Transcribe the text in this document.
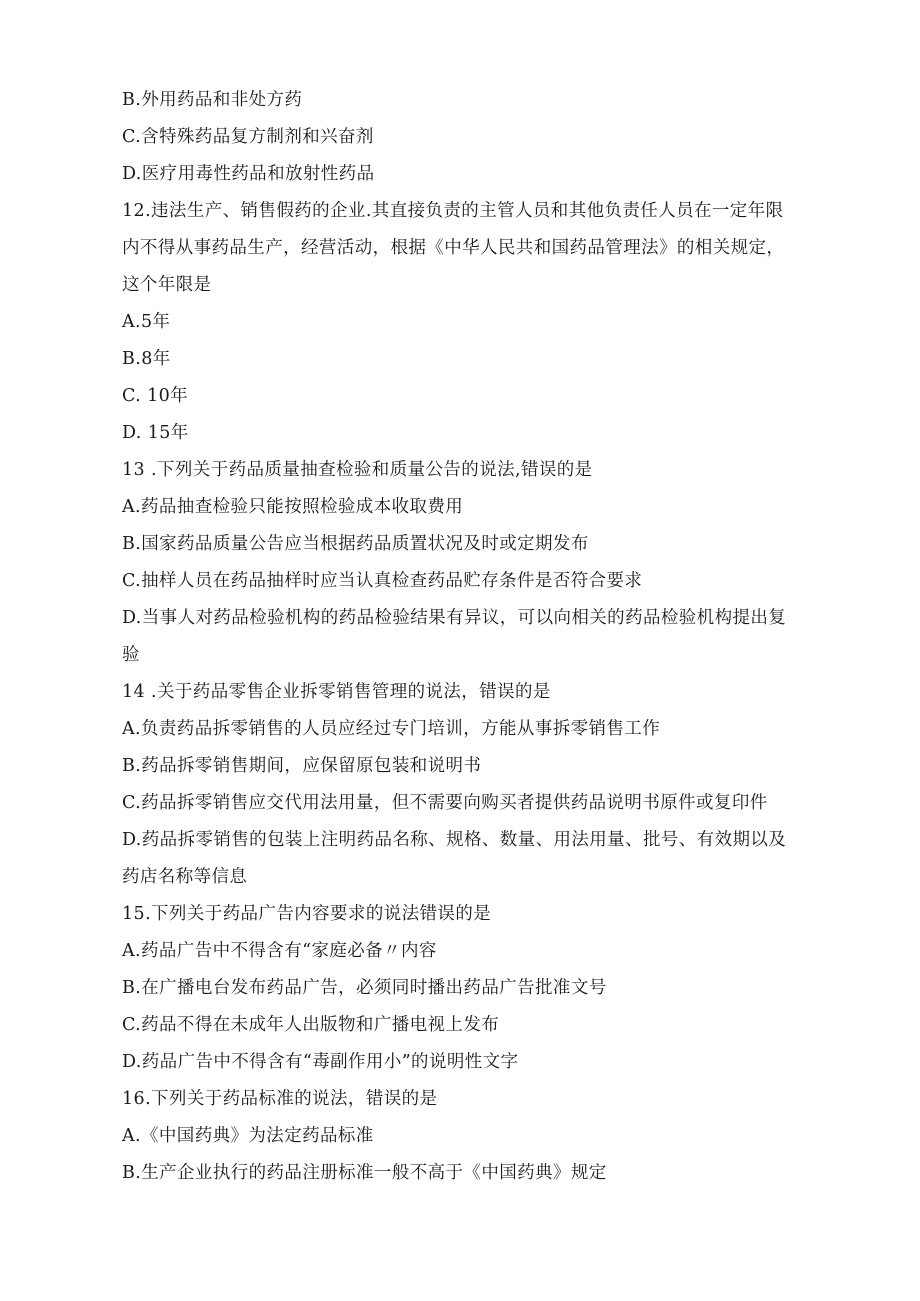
B.外用药品和非处方药
C.含特殊药品复方制剂和兴奋剂
D.医疗用毒性药品和放射性药品
12.违法生产、销售假药的企业.其直接负责的主管人员和其他负责任人员在一定年限
内不得从事药品生产，经营活动，根据《中华人民共和国药品管理法》的相关规定，
这个年限是
A.5年
B.8年
C. 10年
D. 15年
13 .下列关于药品质量抽查检验和质量公告的说法,错误的是
A.药品抽查检验只能按照检验成本收取费用
B.国家药品质量公告应当根据药品质置状况及时或定期发布
C.抽样人员在药品抽样时应当认真检查药品贮存条件是否符合要求
D.当事人对药品检验机构的药品检验结果有异议，可以向相关的药品检验机构提出复
验
14 .关于药品零售企业拆零销售管理的说法，错误的是
A.负责药品拆零销售的人员应经过专门培训，方能从事拆零销售工作
B.药品拆零销售期间，应保留原包装和说明书
C.药品拆零销售应交代用法用量，但不需要向购买者提供药品说明书原件或复印件
D.药品拆零销售的包装上注明药品名称、规格、数量、用法用量、批号、有效期以及
药店名称等信息
15.下列关于药品广告内容要求的说法错误的是
A.药品广告中不得含有“家庭必备〃内容
B.在广播电台发布药品广告，必须同时播出药品广告批准文号
C.药品不得在未成年人出版物和广播电视上发布
D.药品广告中不得含有“毒副作用小”的说明性文字
16.下列关于药品标准的说法，错误的是
A.《中国药典》为法定药品标准
B.生产企业执行的药品注册标准一般不高于《中国药典》规定
